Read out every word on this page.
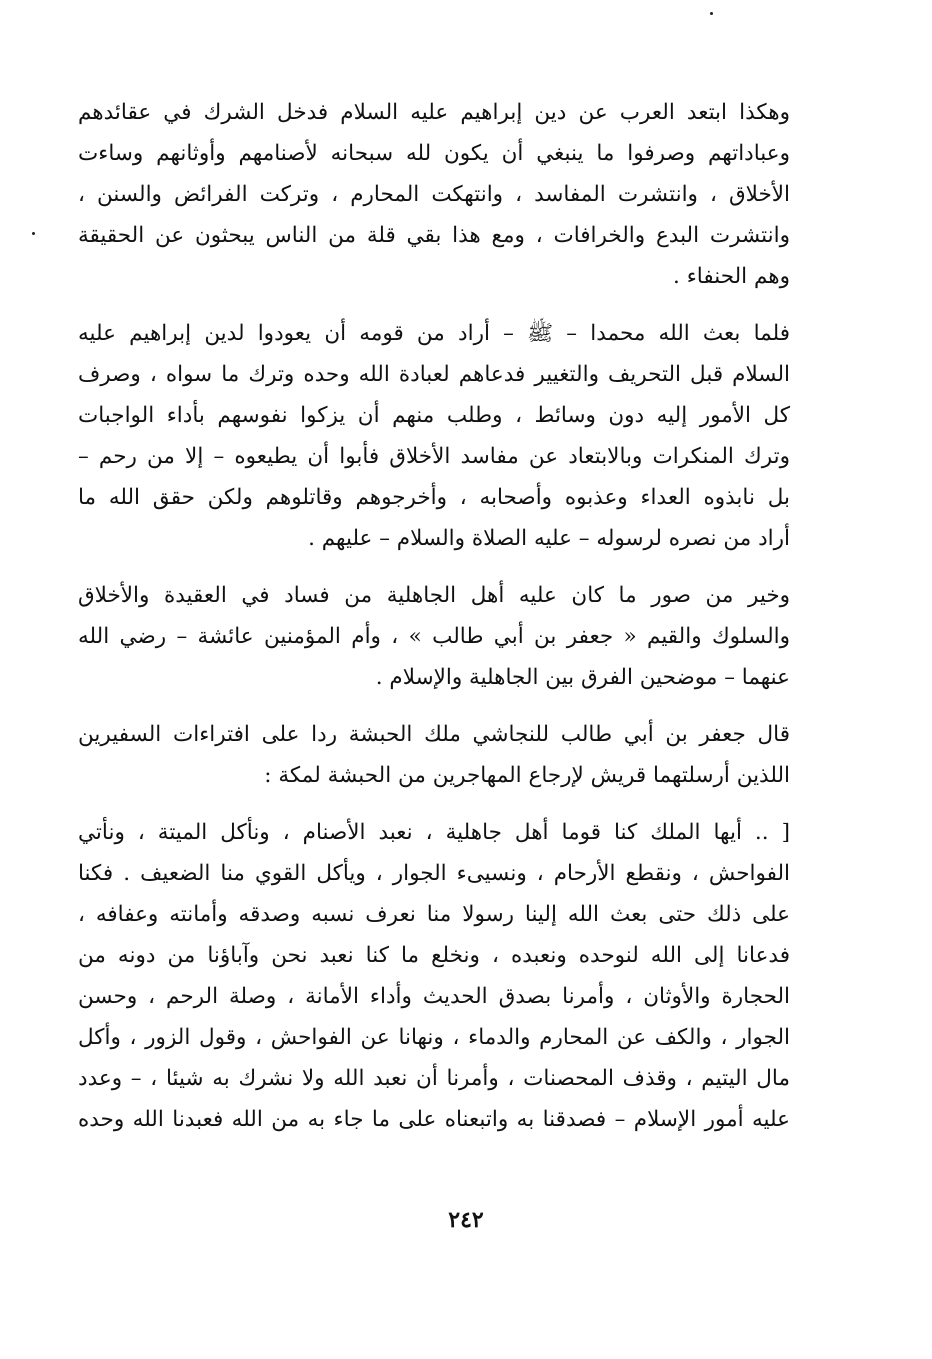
وهكذا ابتعد العرب عن دين إبراهيم عليه السلام فدخل الشرك في عقائدهم
وعباداتهم وصرفوا ما ينبغي أن يكون لله سبحانه لأصنامهم وأوثانهم وساءت
الأخلاق ، وانتشرت المفاسد ، وانتهكت المحارم ، وتركت الفرائض والسنن ،
وانتشرت البدع والخرافات ، ومع هذا بقي قلة من الناس يبحثون عن الحقيقة
وهم الحنفاء .

فلما بعث الله محمدا – ﷺ – أراد من قومه أن يعودوا لدين إبراهيم عليه
السلام قبل التحريف والتغيير فدعاهم لعبادة الله وحده وترك ما سواه ، وصرف
كل الأمور إليه دون وسائط ، وطلب منهم أن يزكوا نفوسهم بأداء الواجبات
وترك المنكرات وبالابتعاد عن مفاسد الأخلاق فأبوا أن يطيعوه – إلا من رحم –
بل نابذوه العداء وعذبوه وأصحابه ، وأخرجوهم وقاتلوهم ولكن حقق الله ما
أراد من نصره لرسوله – عليه الصلاة والسلام – عليهم .

وخير من صور ما كان عليه أهل الجاهلية من فساد في العقيدة والأخلاق
والسلوك والقيم « جعفر بن أبي طالب » ، وأم المؤمنين عائشة – رضي الله
عنهما – موضحين الفرق بين الجاهلية والإسلام .

قال جعفر بن أبي طالب للنجاشي ملك الحبشة ردا على افتراءات السفيرين
اللذين أرسلتهما قريش لإرجاع المهاجرين من الحبشة لمكة :

[ .. أيها الملك كنا قوما أهل جاهلية ، نعبد الأصنام ، ونأكل الميتة ، ونأتي
الفواحش ، ونقطع الأرحام ، ونسيىء الجوار ، ويأكل القوي منا الضعيف . فكنا
على ذلك حتى بعث الله إلينا رسولا منا نعرف نسبه وصدقه وأمانته وعفافه ،
فدعانا إلى الله لنوحده ونعبده ، ونخلع ما كنا نعبد نحن وآباؤنا من دونه من
الحجارة والأوثان ، وأمرنا بصدق الحديث وأداء الأمانة ، وصلة الرحم ، وحسن
الجوار ، والكف عن المحارم والدماء ، ونهانا عن الفواحش ، وقول الزور ، وأكل
مال اليتيم ، وقذف المحصنات ، وأمرنا أن نعبد الله ولا نشرك به شيئا ، – وعدد
عليه أمور الإسلام – فصدقنا به واتبعناه على ما جاء به من الله فعبدنا الله وحده

٢٤٢
